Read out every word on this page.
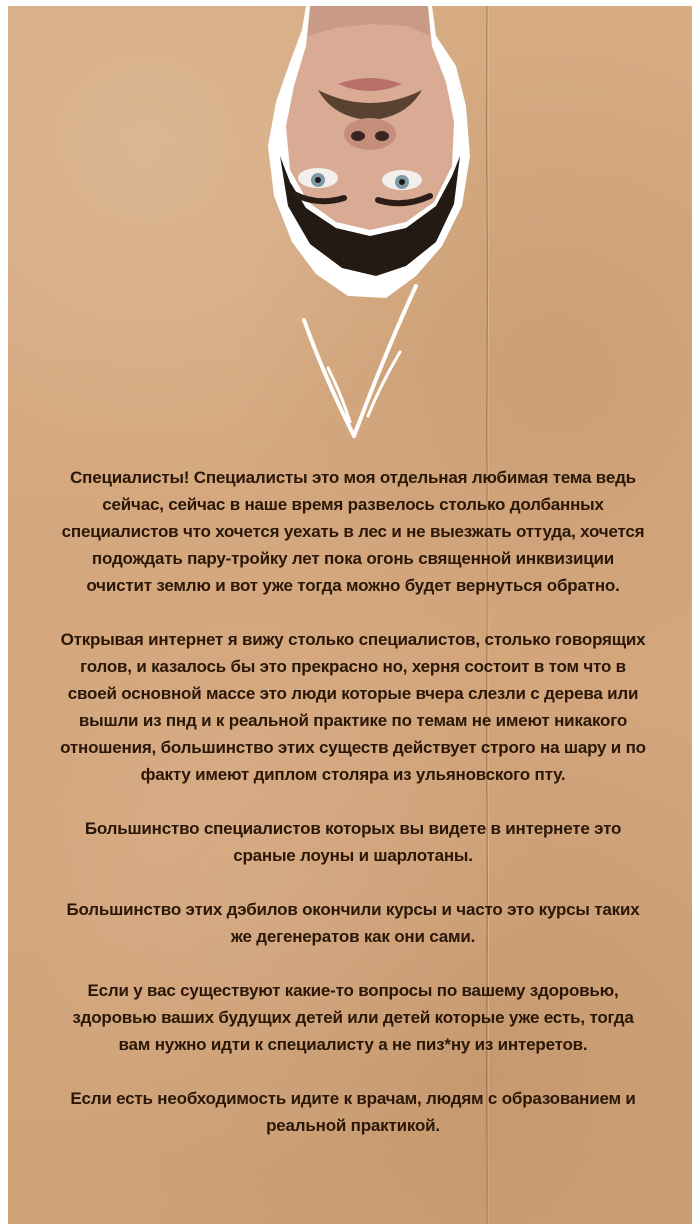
Специалисты! Специалисты это моя отдельная любимая тема ведь сейчас, сейчас в наше время развелось столько долбанных специалистов что хочется уехать в лес и не выезжать оттуда, хочется подождать пару-тройку лет пока огонь священной инквизиции очистит землю и вот уже тогда можно будет вернуться обратно.

Открывая интернет я вижу столько специалистов, столько говорящих голов, и казалось бы это прекрасно но, херня состоит в том что в своей основной массе это люди которые вчера слезли с дерева или вышли из пнд и к реальной практике по темам не имеют никакого отношения, большинство этих существ действует строго на шару и по факту имеют диплом столяра из ульяновского пту.

Большинство специалистов которых вы видете в интернете это сраные лоуны и шарлотаны.

Большинство этих дэбилов окончили курсы и часто это курсы таких же дегенератов как они сами.

Если у вас существуют какие-то вопросы по вашему здоровью, здоровью ваших будущих детей или детей которые уже есть, тогда вам нужно идти к специалисту а не пиз*ну из интеретов.

Если есть необходимость идите к врачам, людям с образованием и реальной практикой.
